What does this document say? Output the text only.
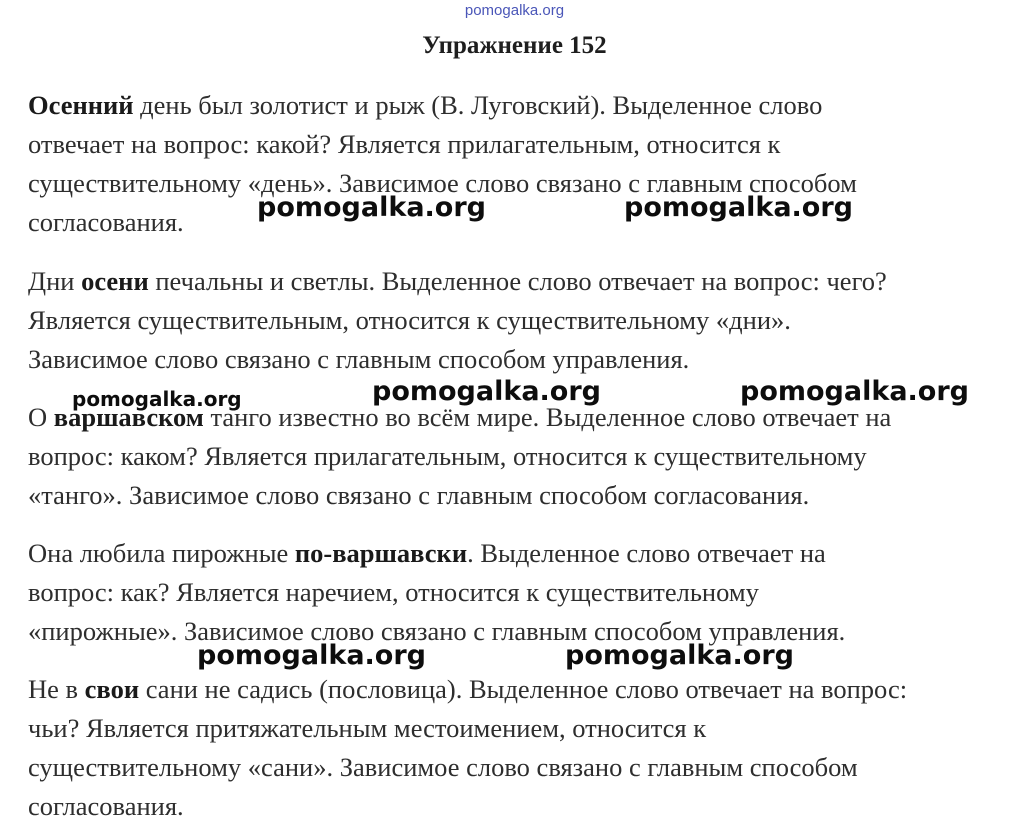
pomogalka.org
Упражнение 152

Осенний день был золотист и рыж (В. Луговский). Выделенное слово
отвечает на вопрос: какой? Является прилагательным, относится к
существительному «день». Зависимое слово связано с главным способом
согласования.

Дни осени печальны и светлы. Выделенное слово отвечает на вопрос: чего?
Является существительным, относится к существительному «дни».
Зависимое слово связано с главным способом управления.

О варшавском танго известно во всём мире. Выделенное слово отвечает на
вопрос: каком? Является прилагательным, относится к существительному
«танго». Зависимое слово связано с главным способом согласования.

Она любила пирожные по-варшавски. Выделенное слово отвечает на
вопрос: как? Является наречием, относится к существительному
«пирожные». Зависимое слово связано с главным способом управления.

Не в свои сани не садись (пословица). Выделенное слово отвечает на вопрос:
чьи? Является притяжательным местоимением, относится к
существительному «сани». Зависимое слово связано с главным способом
согласования.

pomogalka.org	pomogalka.org
pomogalka.org	pomogalka.org	pomogalka.org
pomogalka.org	pomogalka.org
